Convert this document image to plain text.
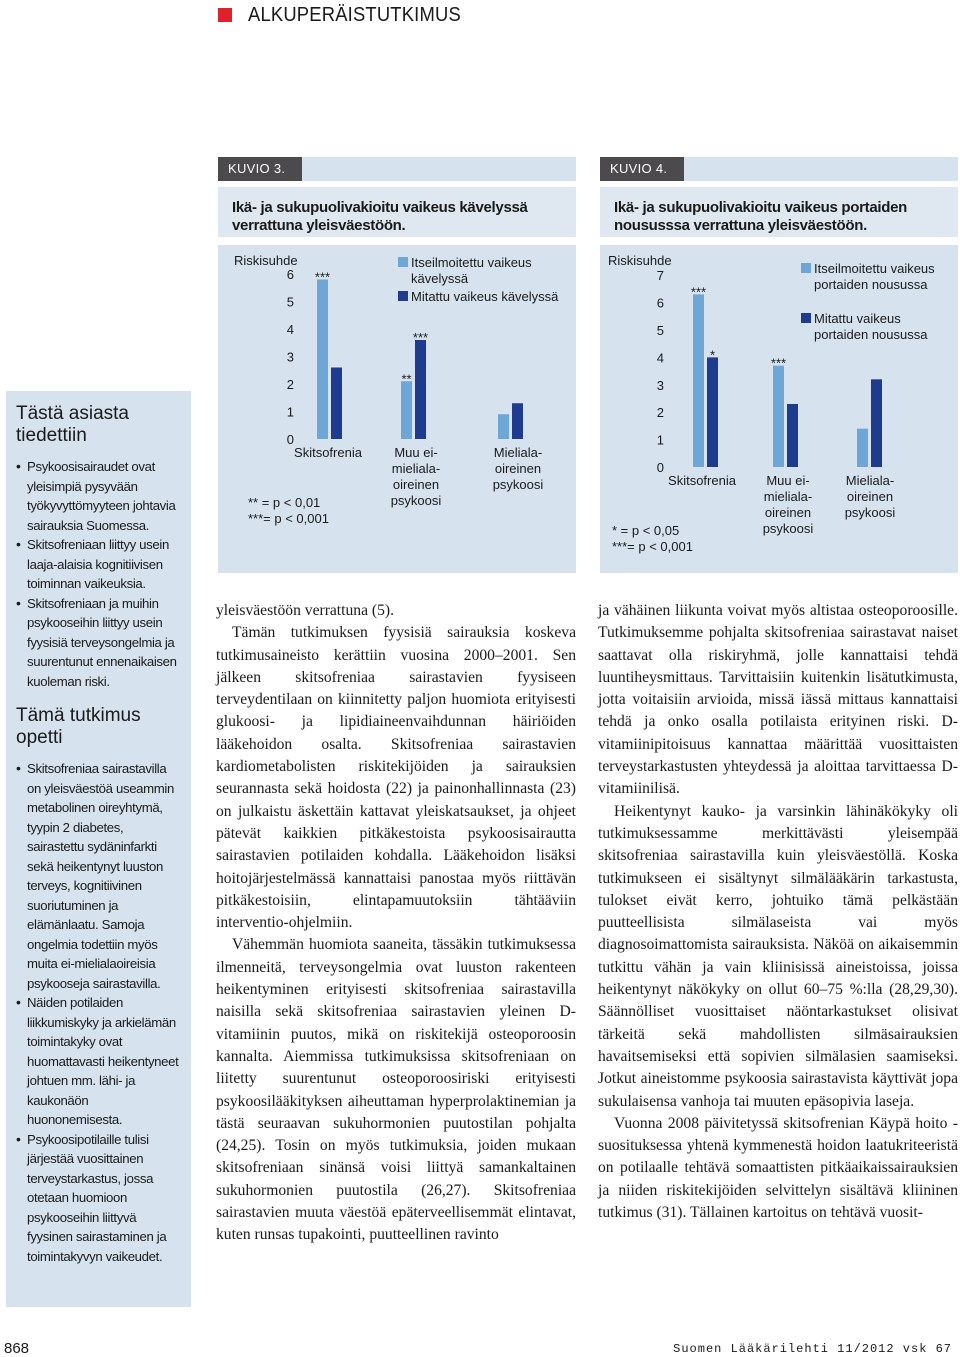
ALKUPERÄISTUTKIMUS
Tästä asiasta tiedettiin
• Psykoosisairaudet ovat yleisimpiä pysyvään työkyvyttömyyteen johtavia sairauksia Suomessa.
• Skitsofreniaan liittyy usein laaja-alaisia kognitiivisen toiminnan vaikeuksia.
• Skitsofreniaan ja muihin psykooseihin liittyy usein fyysisiä terveysongelmia ja suurentunut ennenaikaisen kuoleman riski.
Tämä tutkimus opetti
• Skitsofreniaa sairastavilla on yleisväestöä useammin metabolinen oireyhtymä, tyypin 2 diabetes, sairastettu sydäninfarkti sekä heikentynyt luuston terveys, kognitiivinen suoriutuminen ja elämänlaatu. Samoja ongelmia todettiin myös muita ei-mielialaoireisia psykooseja sairastavilla.
• Näiden potilaiden liikkumiskyky ja arkielämän toimintakyky ovat huomattavasti heikentyneet johtuen mm. lähi- ja kaukonäön huononemisesta.
• Psykoosipotilaille tulisi järjestää vuosittainen terveystarkastus, jossa otetaan huomioon psykooseihin liittyvä fyysinen sairastaminen ja toimintakyvyn vaikeudet.
KUVIO 3.
Ikä- ja sukupuolivakioitu vaikeus kävelyssä verrattuna yleisväestöön.
Riskisuhde
0
1
2
3
4
5
6
Itseilmoitettu vaikeus
kävelyssä
Mitattu vaikeus kävelyssä
***
Skitsofrenia
**
***
Muu ei-
mieliala-
oireinen
psykoosi
Mieliala-
oireinen
psykoosi
** = p < 0,01
***= p < 0,001
KUVIO 4.
Ikä- ja sukupuolivakioitu vaikeus portaiden noususssa verrattuna yleisväestöön.
Riskisuhde
0
1
2
3
4
5
6
7	Itseilmoitettu vaikeus
portaiden nousussa
Mitattu vaikeus
portaiden nousussa
***
*
Skitsofrenia
***
Muu ei-
mieliala-
oireinen
psykoosi
Mieliala-
oireinen
psykoosi
* = p < 0,05
***= p < 0,001

yleisväestöön verrattuna (5).

Tämän tutkimuksen fyysisiä sairauksia koskeva tutkimusaineisto kerättiin vuosina 2000–2001. Sen jälkeen skitsofreniaa sairastavien fyysiseen terveydentilaan on kiinnitetty paljon huomiota erityisesti glukoosi- ja lipidiaineenvaihdunnan häiriöiden lääkehoidon osalta. Skitsofreniaa sairastavien kardiometabolisten riskitekijöiden ja sairauksien seurannasta sekä hoidosta (22) ja painonhallinnasta (23) on julkaistu äskettäin kattavat yleiskatsaukset, ja ohjeet pätevät kaikkien pitkäkestoista psykoosisairautta sairastavien potilaiden kohdalla. Lääkehoidon lisäksi hoitojärjestelmässä kannattaisi panostaa myös riittävän pitkäkestoisiin, elintapamuutoksiin tähtääviin interventio-ohjelmiin.

Vähemmän huomiota saaneita, tässäkin tutkimuksessa ilmenneitä, terveysongelmia ovat luuston rakenteen heikentyminen erityisesti skitsofreniaa sairastavilla naisilla sekä skitsofreniaa sairastavien yleinen D-vitamiinin puutos, mikä on riskitekijä osteoporoosin kannalta. Aiemmissa tutkimuksissa skitsofreniaan on liitetty suurentunut osteoporoosiriski erityisesti psykoosilääkityksen aiheuttaman hyperprolaktinemian ja tästä seuraavan sukuhormonien puutostilan pohjalta (24,25). Tosin on myös tutkimuksia, joiden mukaan skitsofreniaan sinänsä voisi liittyä samankaltainen sukuhormonien puutostila (26,27). Skitsofreniaa sairastavien muuta väestöä epäterveellisemmät elintavat, kuten runsas tupakointi, puutteellinen ravinto

ja vähäinen liikunta voivat myös altistaa osteoporoosille. Tutkimuksemme pohjalta skitsofreniaa sairastavat naiset saattavat olla riskiryhmä, jolle kannattaisi tehdä luuntiheysmittaus. Tarvittaisiin kuitenkin lisätutkimusta, jotta voitaisiin arvioida, missä iässä mittaus kannattaisi tehdä ja onko osalla potilaista erityinen riski. D-vitamiinipitoisuus kannattaa määrittää vuosittaisten terveystarkastusten yhteydessä ja aloittaa tarvittaessa D-vitamiinilisä.

Heikentynyt kauko- ja varsinkin lähinäkökyky oli tutkimuksessamme merkittävästi yleisempää skitsofreniaa sairastavilla kuin yleisväestöllä. Koska tutkimukseen ei sisältynyt silmälääkärin tarkastusta, tulokset eivät kerro, johtuiko tämä pelkästään puutteellisista silmälaseista vai myös diagnosoimattomista sairauksista. Näköä on aikaisemmin tutkittu vähän ja vain kliinisissä aineistoissa, joissa heikentynyt näkökyky on ollut 60–75 %:lla (28,29,30). Säännölliset vuosittaiset näöntarkastukset olisivat tärkeitä sekä mahdollisten silmäsairauksien havaitsemiseksi että sopivien silmälasien saamiseksi. Jotkut aineistomme psykoosia sairastavista käyttivät jopa sukulaisensa vanhoja tai muuten epäsopivia laseja.

Vuonna 2008 päivitetyssä skitsofrenian Käypä hoito -suosituksessa yhtenä kymmenestä hoidon laatukriteeristä on potilaalle tehtävä somaattisten pitkäaikaissairauksien ja niiden riskitekijöiden selvittelyn sisältävä kliininen tutkimus (31). Tällainen kartoitus on tehtävä vuosit-

868	Suomen Lääkärilehti 11/2012 vsk 67
